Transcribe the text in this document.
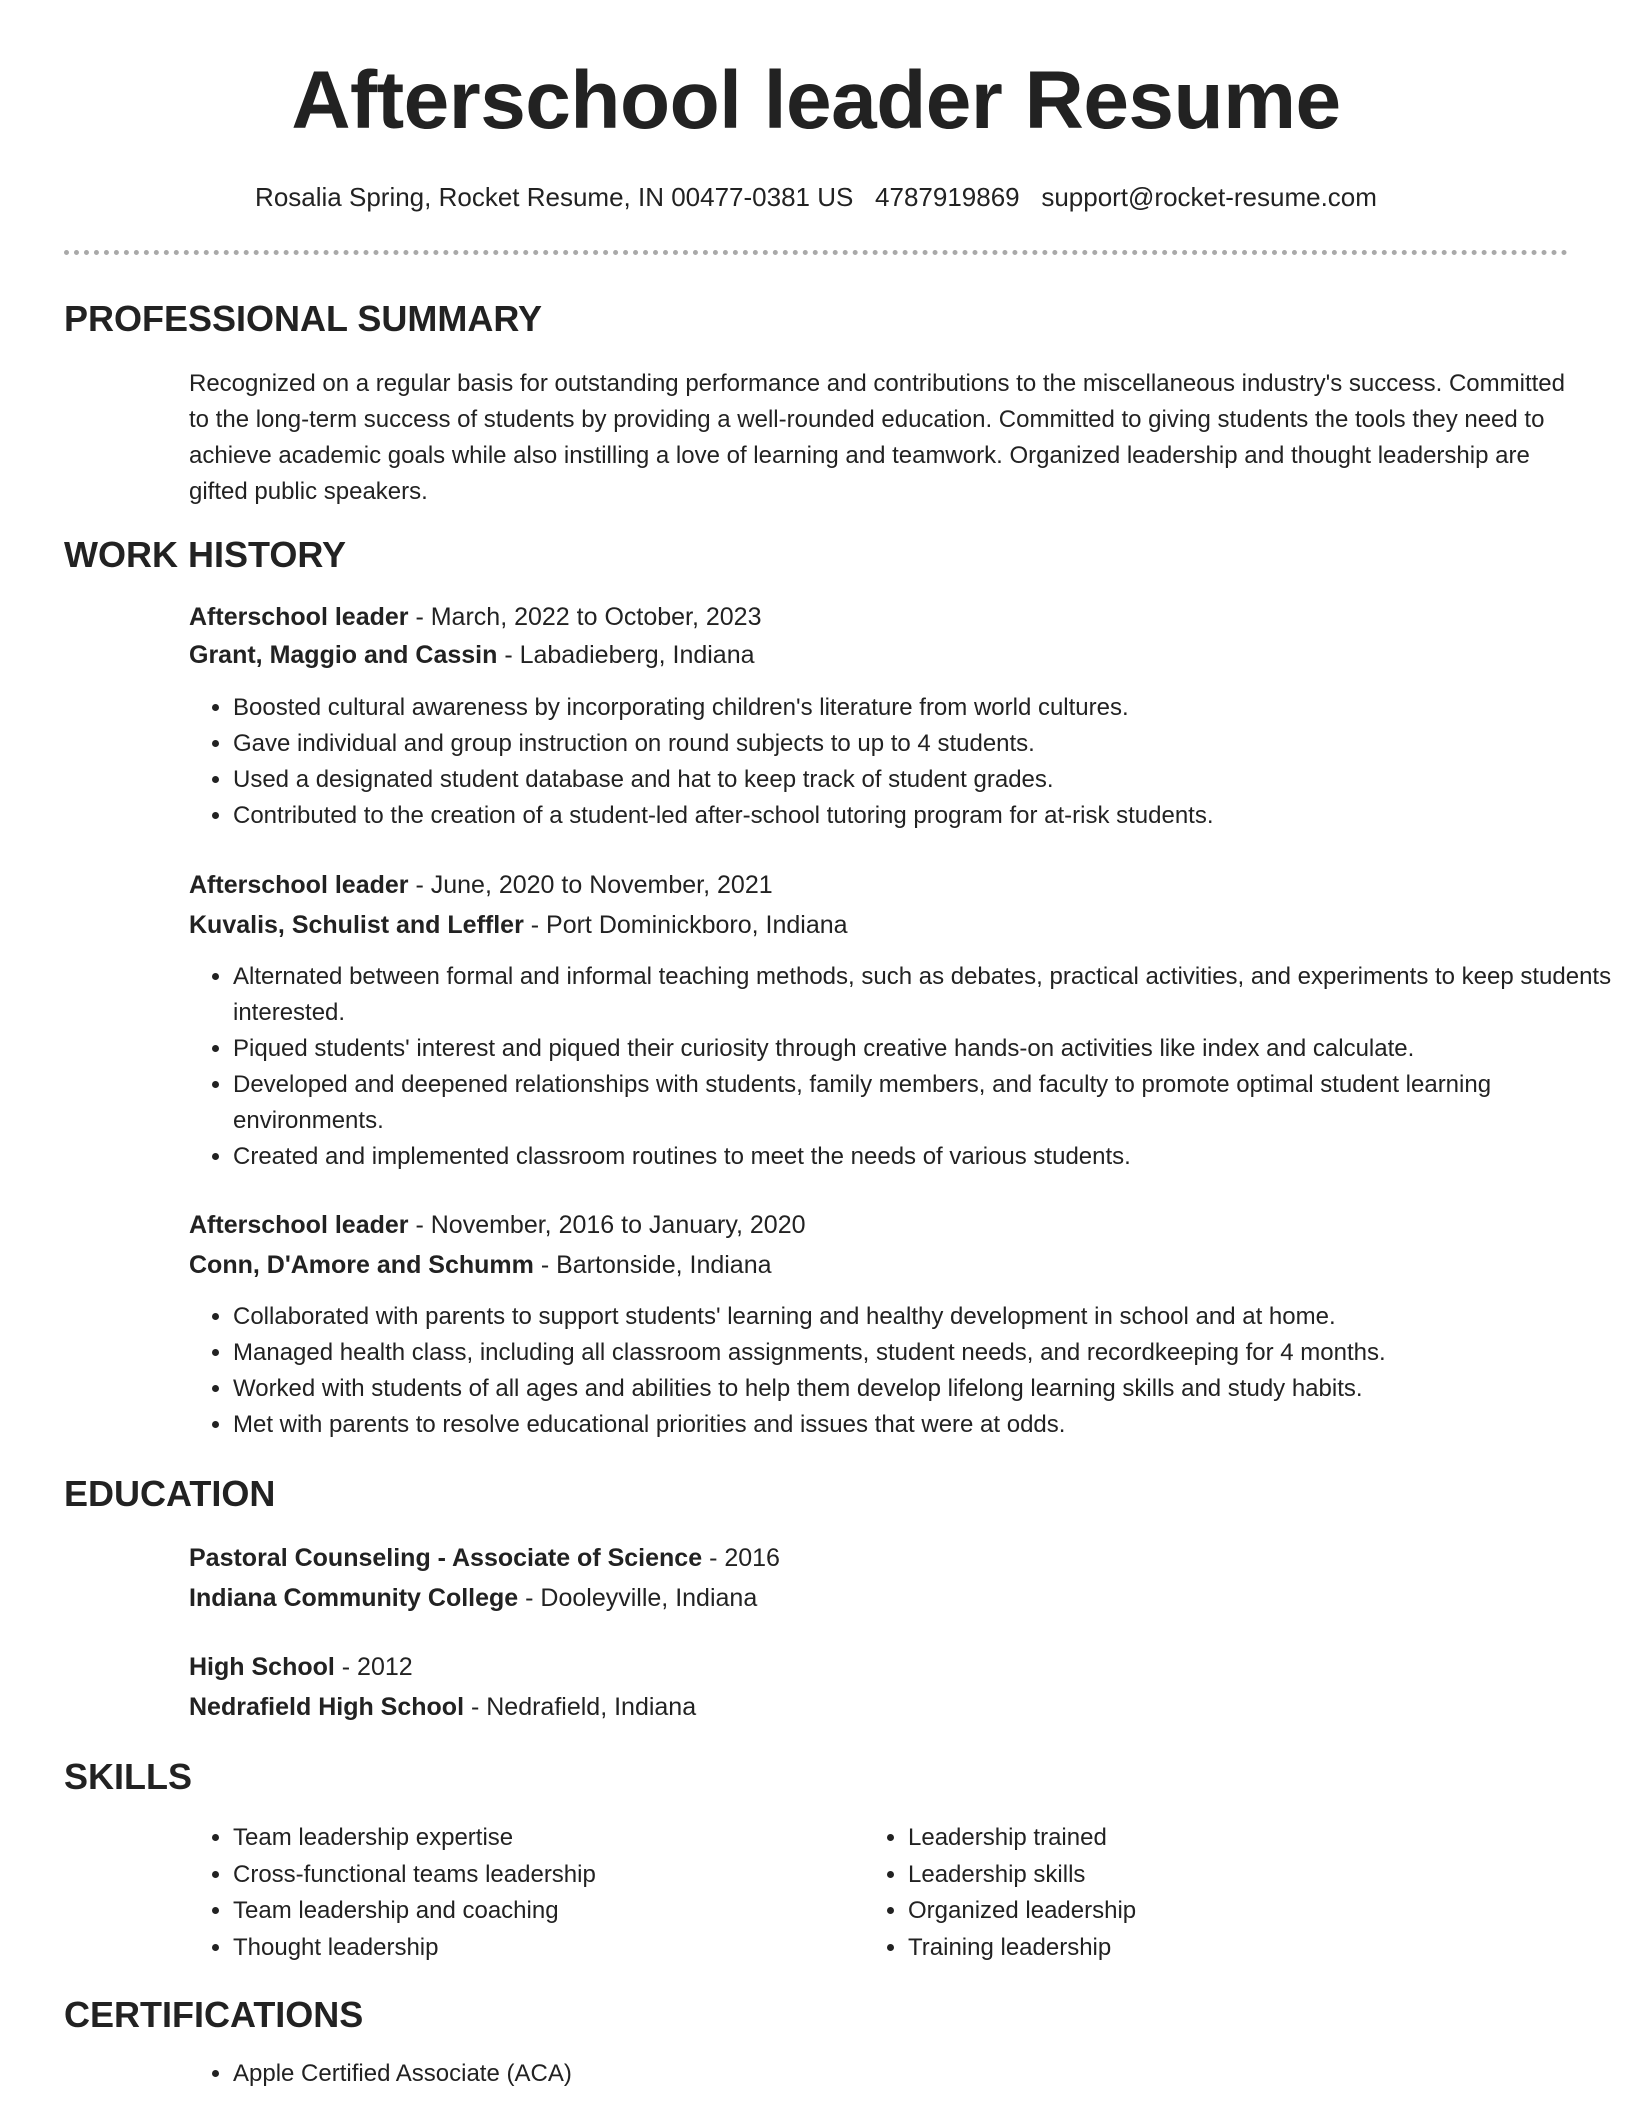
Afterschool leader Resume
Rosalia Spring, Rocket Resume, IN 00477-0381 US 4787919869 support@rocket-resume.com
PROFESSIONAL SUMMARY

Recognized on a regular basis for outstanding performance and contributions to the miscellaneous industry's success. Committed to the long-term success of students by providing a well-rounded education. Committed to giving students the tools they need to achieve academic goals while also instilling a love of learning and teamwork. Organized leadership and thought leadership are gifted public speakers.

WORK HISTORY
Afterschool leader - March, 2022 to October, 2023
Grant, Maggio and Cassin - Labadieberg, Indiana
• Boosted cultural awareness by incorporating children's literature from world cultures.
• Gave individual and group instruction on round subjects to up to 4 students.
• Used a designated student database and hat to keep track of student grades.
• Contributed to the creation of a student-led after-school tutoring program for at-risk students.
Afterschool leader - June, 2020 to November, 2021
Kuvalis, Schulist and Leffler - Port Dominickboro, Indiana
• Alternated between formal and informal teaching methods, such as debates, practical activities, and experiments to keep students interested.
• Piqued students' interest and piqued their curiosity through creative hands-on activities like index and calculate.
• Developed and deepened relationships with students, family members, and faculty to promote optimal student learning environments.
• Created and implemented classroom routines to meet the needs of various students.
Afterschool leader - November, 2016 to January, 2020
Conn, D'Amore and Schumm - Bartonside, Indiana
• Collaborated with parents to support students' learning and healthy development in school and at home.
• Managed health class, including all classroom assignments, student needs, and recordkeeping for 4 months.
• Worked with students of all ages and abilities to help them develop lifelong learning skills and study habits.
• Met with parents to resolve educational priorities and issues that were at odds.
EDUCATION
Pastoral Counseling - Associate of Science - 2016
Indiana Community College - Dooleyville, Indiana
High School - 2012
Nedrafield High School - Nedrafield, Indiana
SKILLS
• Team leadership expertise
• Cross-functional teams leadership
• Team leadership and coaching
• Thought leadership
• Leadership trained
• Leadership skills
• Organized leadership
• Training leadership
CERTIFICATIONS
• Apple Certified Associate (ACA)
